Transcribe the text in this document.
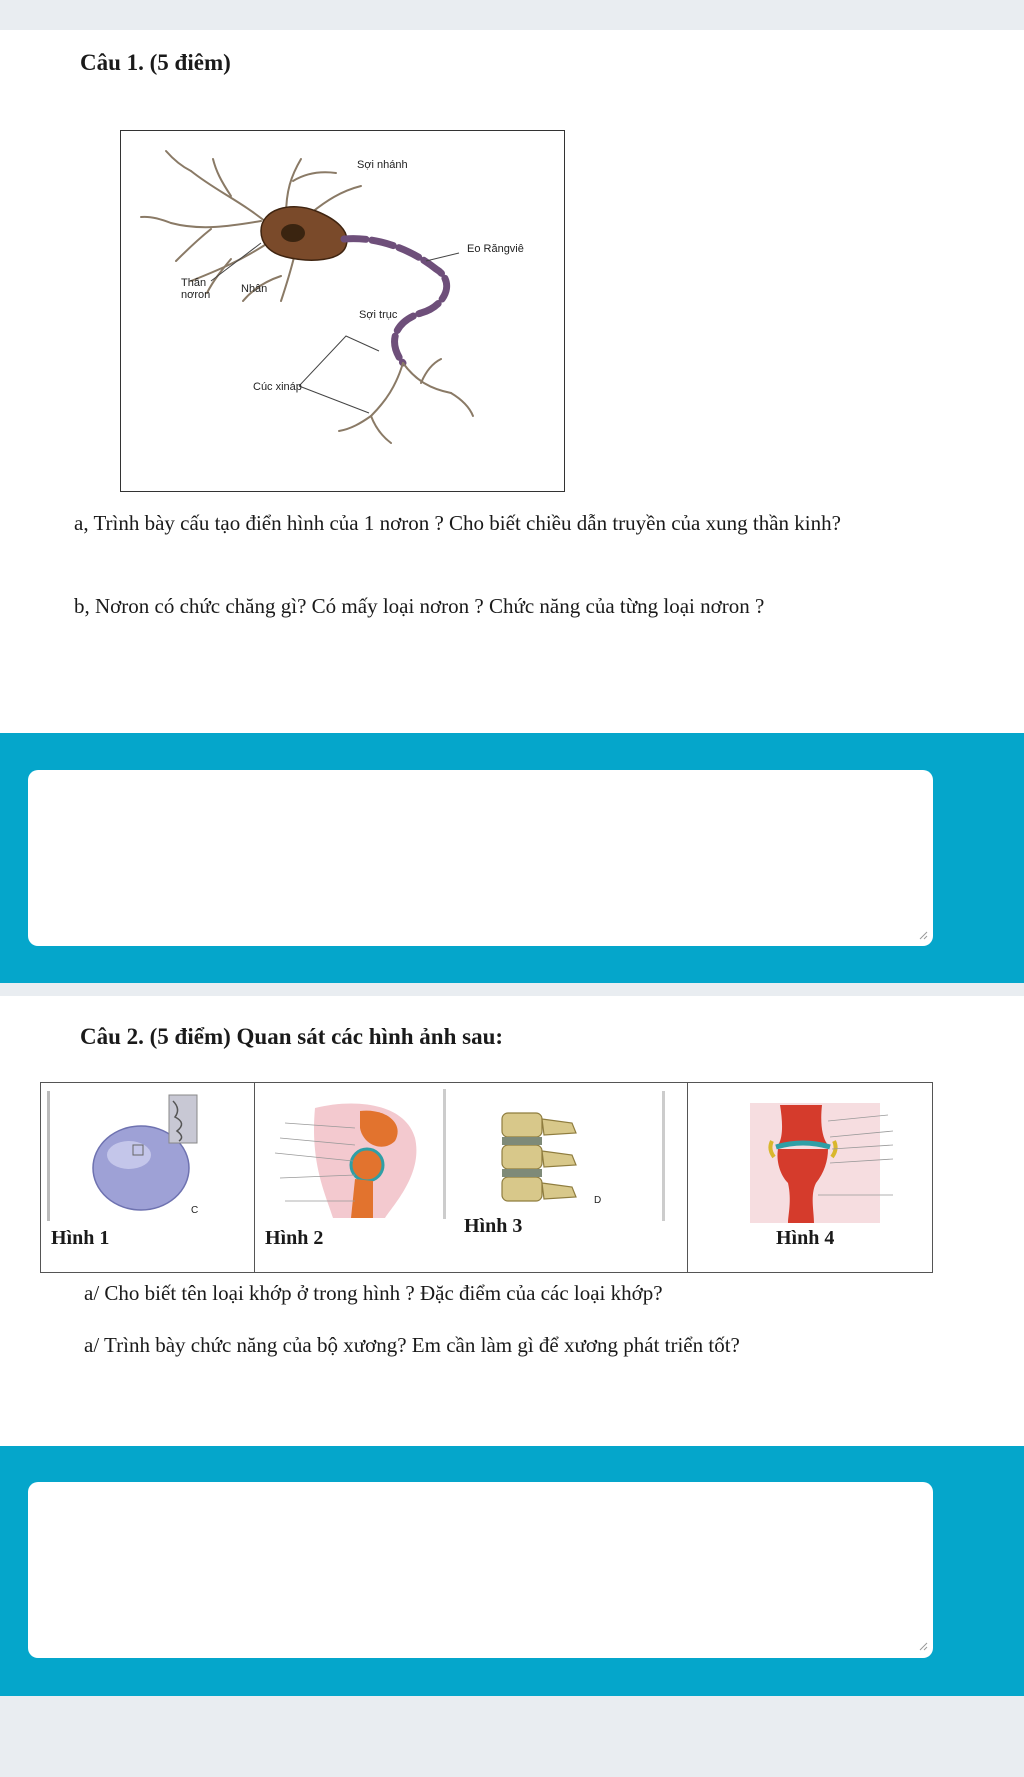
Câu 1. (5 điêm)
Sợi nhánh
Eo Răngviê
Thân nơron	Nhân
Sợi trục
Cúc xináp
a, Trình bày cấu tạo điển hình của 1 nơron ? Cho biết chiều dẫn truyền của xung thần kinh?
b, Nơron có chức chăng gì? Có mấy loại nơron ? Chức năng của từng loại nơron ?
Câu 2. (5 điểm) Quan sát các hình ảnh sau:
C
Hình 1	Hình 2
D
Hình 3
Hình 4
a/ Cho biết tên loại khớp ở trong hình ? Đặc điểm của các loại khớp?
a/ Trình bày chức năng của bộ xương? Em cần làm gì để xương phát triển tốt?
